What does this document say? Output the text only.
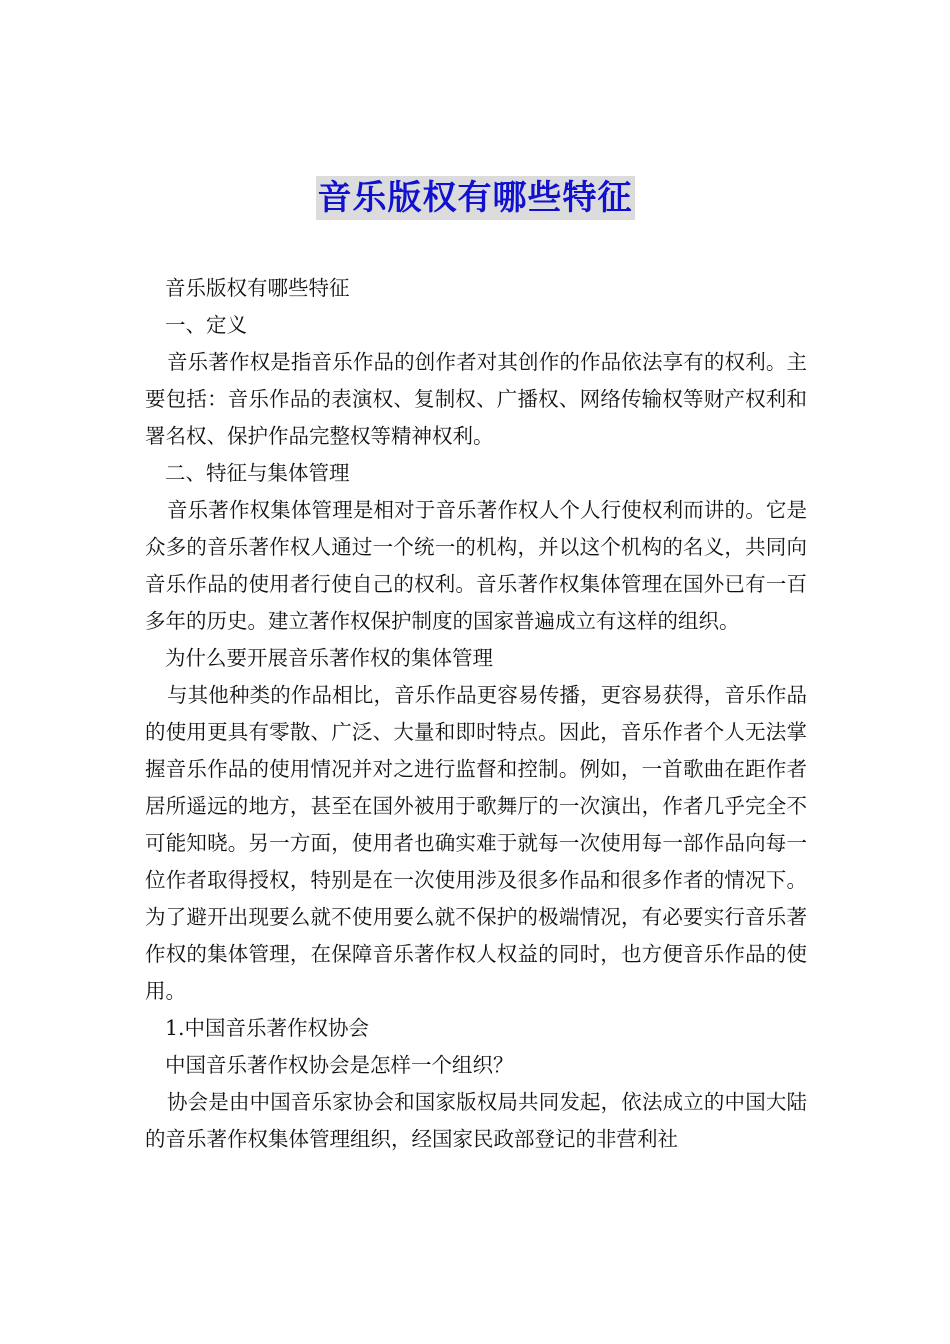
音乐版权有哪些特征

音乐版权有哪些特征

一、定义

音乐著作权是指音乐作品的创作者对其创作的作品依法享有的权利。主要包括：音乐作品的表演权、复制权、广播权、网络传输权等财产权利和署名权、保护作品完整权等精神权利。

二、特征与集体管理

音乐著作权集体管理是相对于音乐著作权人个人行使权利而讲的。它是众多的音乐著作权人通过一个统一的机构，并以这个机构的名义，共同向音乐作品的使用者行使自己的权利。音乐著作权集体管理在国外已有一百多年的历史。建立著作权保护制度的国家普遍成立有这样的组织。

为什么要开展音乐著作权的集体管理

与其他种类的作品相比，音乐作品更容易传播，更容易获得，音乐作品的使用更具有零散、广泛、大量和即时特点。因此，音乐作者个人无法掌握音乐作品的使用情况并对之进行监督和控制。例如，一首歌曲在距作者居所遥远的地方，甚至在国外被用于歌舞厅的一次演出，作者几乎完全不可能知晓。另一方面，使用者也确实难于就每一次使用每一部作品向每一位作者取得授权，特别是在一次使用涉及很多作品和很多作者的情况下。为了避开出现要么就不使用要么就不保护的极端情况，有必要实行音乐著作权的集体管理，在保障音乐著作权人权益的同时，也方便音乐作品的使用。

1.中国音乐著作权协会

中国音乐著作权协会是怎样一个组织？

协会是由中国音乐家协会和国家版权局共同发起，依法成立的中国大陆的音乐著作权集体管理组织，经国家民政部登记的非营利社
